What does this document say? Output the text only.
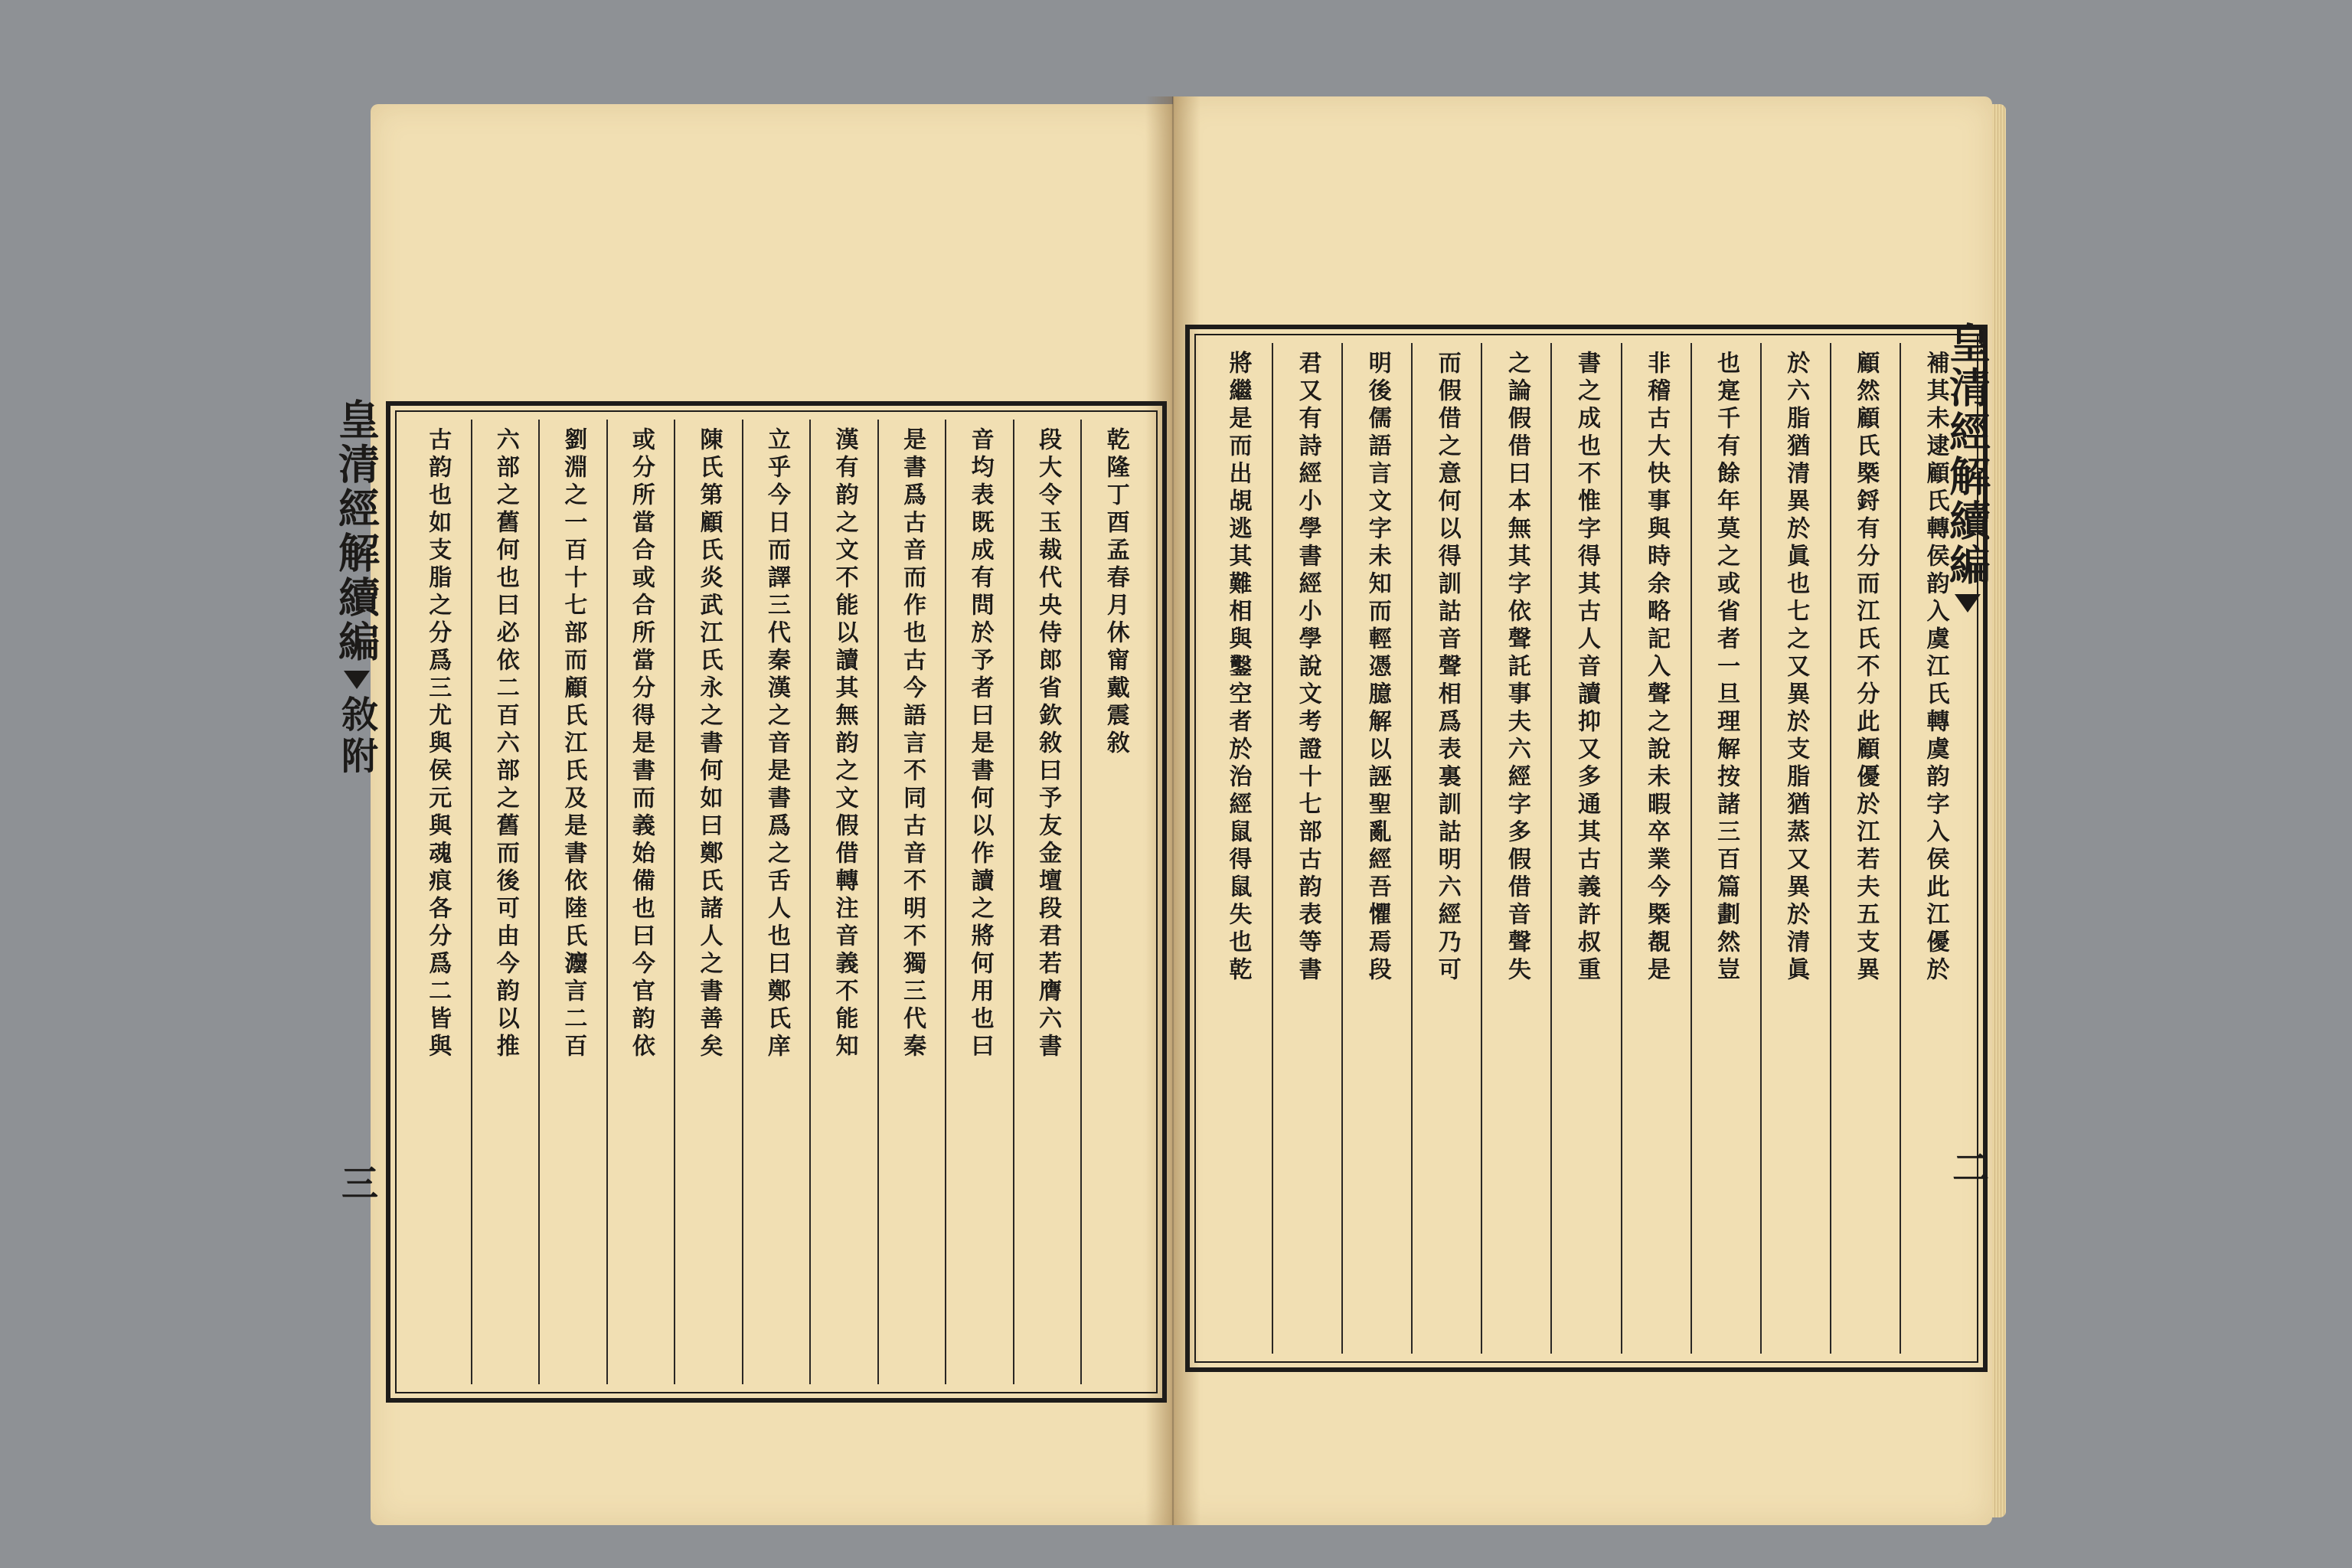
乾隆丁酉孟春月休甯戴震敘
段大令玉裁代央侍郎省欽敘曰予友金壇段君若膺六書
音均表既成有問於予者曰是書何以作讀之將何用也曰
是書爲古音而作也古今語言不同古音不明不獨三代秦
漢有韵之文不能以讀其無韵之文假借轉注音義不能知
立乎今日而譯三代秦漢之音是書爲之舌人也曰鄭氏庠
陳氏第顧氏炎武江氏永之書何如曰鄭氏諸人之書善矣
或分所當合或合所當分得是書而義始備也曰今官韵依
劉淵之一百十七部而顧氏江氏及是書依陸氏灋言二百
六部之舊何也曰必依二百六部之舊而後可由今韵以推
古韵也如支脂之分爲三尤與侯元與魂痕各分爲二皆與
皇清經解續編
敘附
三
補其未逮顧氏轉侯韵入虞江氏轉虞韵字入侯此江優於
顧然顧氏槩鋝有分而江氏不分此顧優於江若夫五支異
於六脂猶清異於眞也七之又異於支脂猶蒸又異於清眞
也寔千有餘年莫之或省者一旦理解按諸三百篇劃然豈
非稽古大快事與時余略記入聲之說未暇卒業今槩覩是
書之成也不惟字得其古人音讀抑又多通其古義許叔重
之論假借曰本無其字依聲託事夫六經字多假借音聲失
而假借之意何以得訓詁音聲相爲表裏訓詁明六經乃可
明後儒語言文字未知而輕憑臆解以誣聖亂經吾懼焉段
君又有詩經小學書經小學說文考證十七部古韵表等書
將繼是而出覘逃其難相與鑿空者於治經鼠得鼠失也乾	皇清經解續編
二
